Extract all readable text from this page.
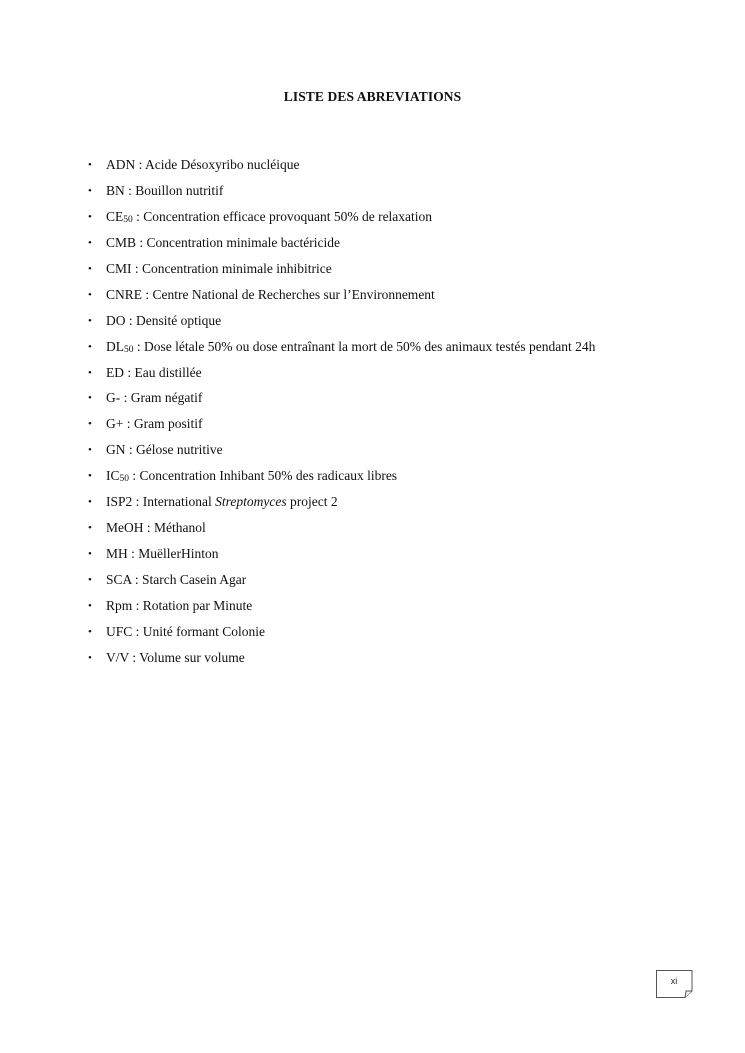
LISTE DES ABREVIATIONS
• ADN : Acide Désoxyribo nucléique
• BN : Bouillon nutritif
• CE50 : Concentration efficace provoquant 50% de relaxation
• CMB : Concentration minimale bactéricide
• CMI : Concentration minimale inhibitrice
• CNRE : Centre National de Recherches sur l’Environnement
• DO : Densité optique
• DL50 : Dose létale 50% ou dose entraînant la mort de 50% des animaux testés pendant 24h
• ED : Eau distillée
• G- : Gram négatif
• G+ : Gram positif
• GN : Gélose nutritive
• IC50 : Concentration Inhibant 50% des radicaux libres
• ISP2 : International Streptomyces project 2
• MeOH : Méthanol
• MH : MuëllerHinton
• SCA : Starch Casein Agar
• Rpm : Rotation par Minute
• UFC : Unité formant Colonie
• V/V : Volume sur volume
xi
